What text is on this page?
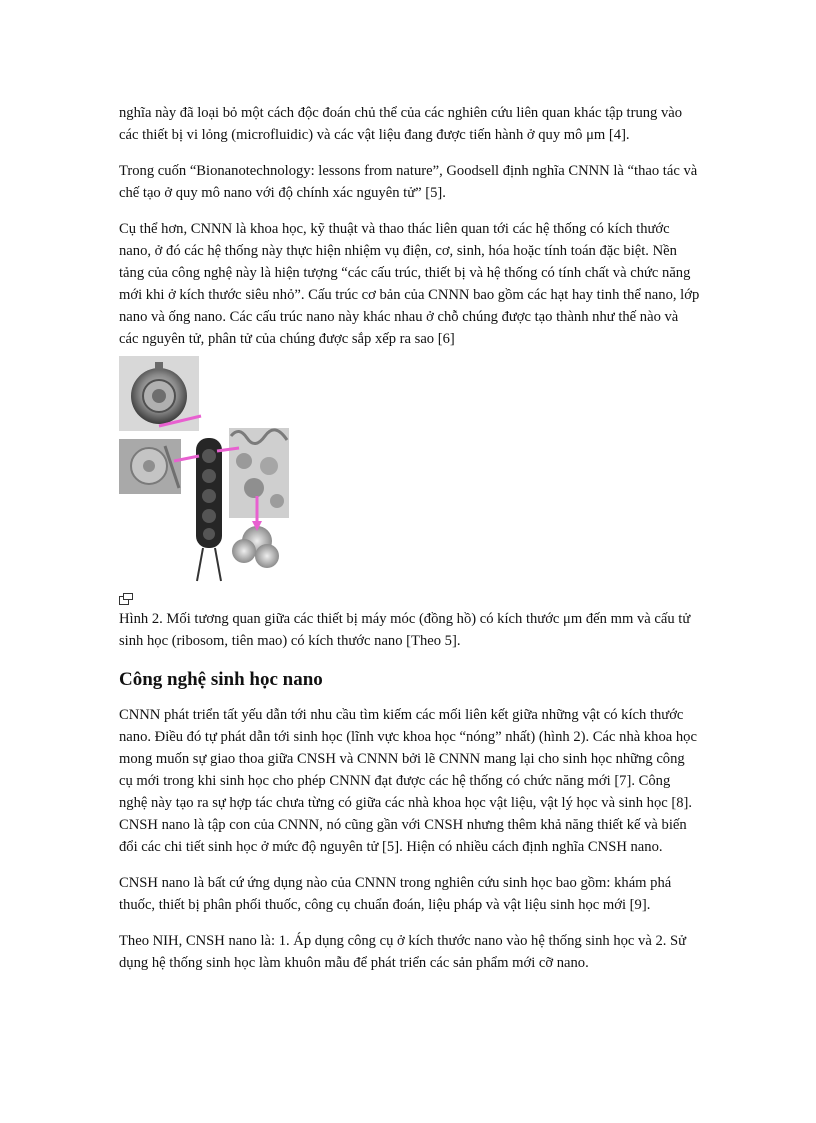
nghĩa này đã loại bỏ một cách độc đoán chủ thể của các nghiên cứu liên quan khác tập trung vào các thiết bị vi lỏng (microfluidic) và các vật liệu đang được tiến hành ở quy mô μm [4].

Trong cuốn “Bionanotechnology: lessons from nature”, Goodsell định nghĩa CNNN là “thao tác và chế tạo ở quy mô nano với độ chính xác nguyên tử” [5].

Cụ thể hơn, CNNN là khoa học, kỹ thuật và thao thác liên quan tới các hệ thống có kích thước nano, ở đó các hệ thống này thực hiện nhiệm vụ điện, cơ, sinh, hóa hoặc tính toán đặc biệt. Nền tảng của công nghệ này là hiện tượng “các cấu trúc, thiết bị và hệ thống có tính chất và chức năng mới khi ở kích thước siêu nhỏ”. Cấu trúc cơ bản của CNNN bao gồm các hạt hay tinh thể nano, lớp nano và ống nano. Các cấu trúc nano này khác nhau ở chỗ chúng được tạo thành như thế nào và các nguyên tử, phân tử của chúng được sắp xếp ra sao [6]

Hình 2. Mối tương quan giữa các thiết bị máy móc (đồng hồ) có kích thước μm đến mm và cấu tử sinh học (ribosom, tiên mao) có kích thước nano [Theo 5].

Công nghệ sinh học nano

CNNN phát triển tất yếu dẫn tới nhu cầu tìm kiếm các mối liên kết giữa những vật có kích thước nano. Điều đó tự phát dẫn tới sinh học (lĩnh vực khoa học “nóng” nhất) (hình 2). Các nhà khoa học mong muốn sự giao thoa giữa CNSH và CNNN bởi lẽ CNNN mang lại cho sinh học những công cụ mới trong khi sinh học cho phép CNNN đạt được các hệ thống có chức năng mới [7]. Công nghệ này tạo ra sự hợp tác chưa từng có giữa các nhà khoa học vật liệu, vật lý học và sinh học [8]. CNSH nano là tập con của CNNN, nó cũng gần với CNSH nhưng thêm khả năng thiết kế và biến đổi các chi tiết sinh học ở mức độ nguyên tử [5]. Hiện có nhiều cách định nghĩa CNSH nano.

CNSH nano là bất cứ ứng dụng nào của CNNN trong nghiên cứu sinh học bao gồm: khám phá thuốc, thiết bị phân phối thuốc, công cụ chuẩn đoán, liệu pháp và vật liệu sinh học mới [9].

Theo NIH, CNSH nano là: 1. Áp dụng công cụ ở kích thước nano vào hệ thống sinh học và 2. Sử dụng hệ thống sinh học làm khuôn mẫu để phát triển các sản phẩm mới cỡ nano.
